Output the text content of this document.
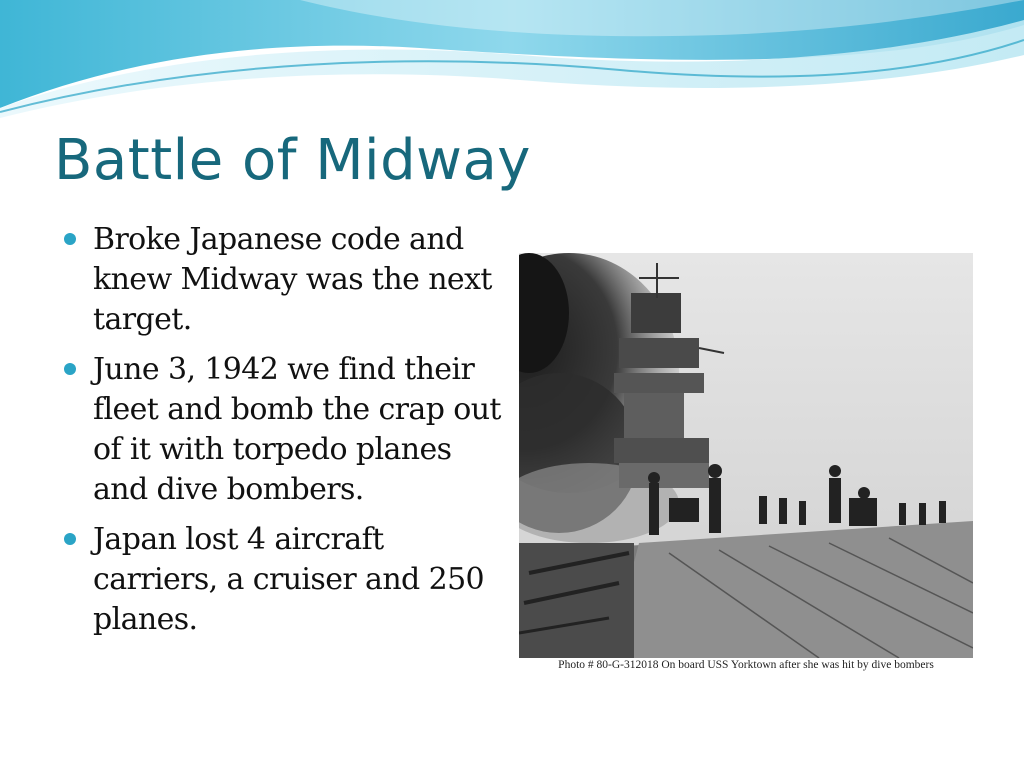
Battle of Midway
Broke Japanese code and knew Midway was the next target.
June 3, 1942 we find their fleet and bomb the crap out of it with torpedo planes and dive bombers.
Japan lost 4 aircraft carriers, a cruiser and 250 planes.
Photo # 80-G-312018 On board USS Yorktown after she was hit by dive bombers
